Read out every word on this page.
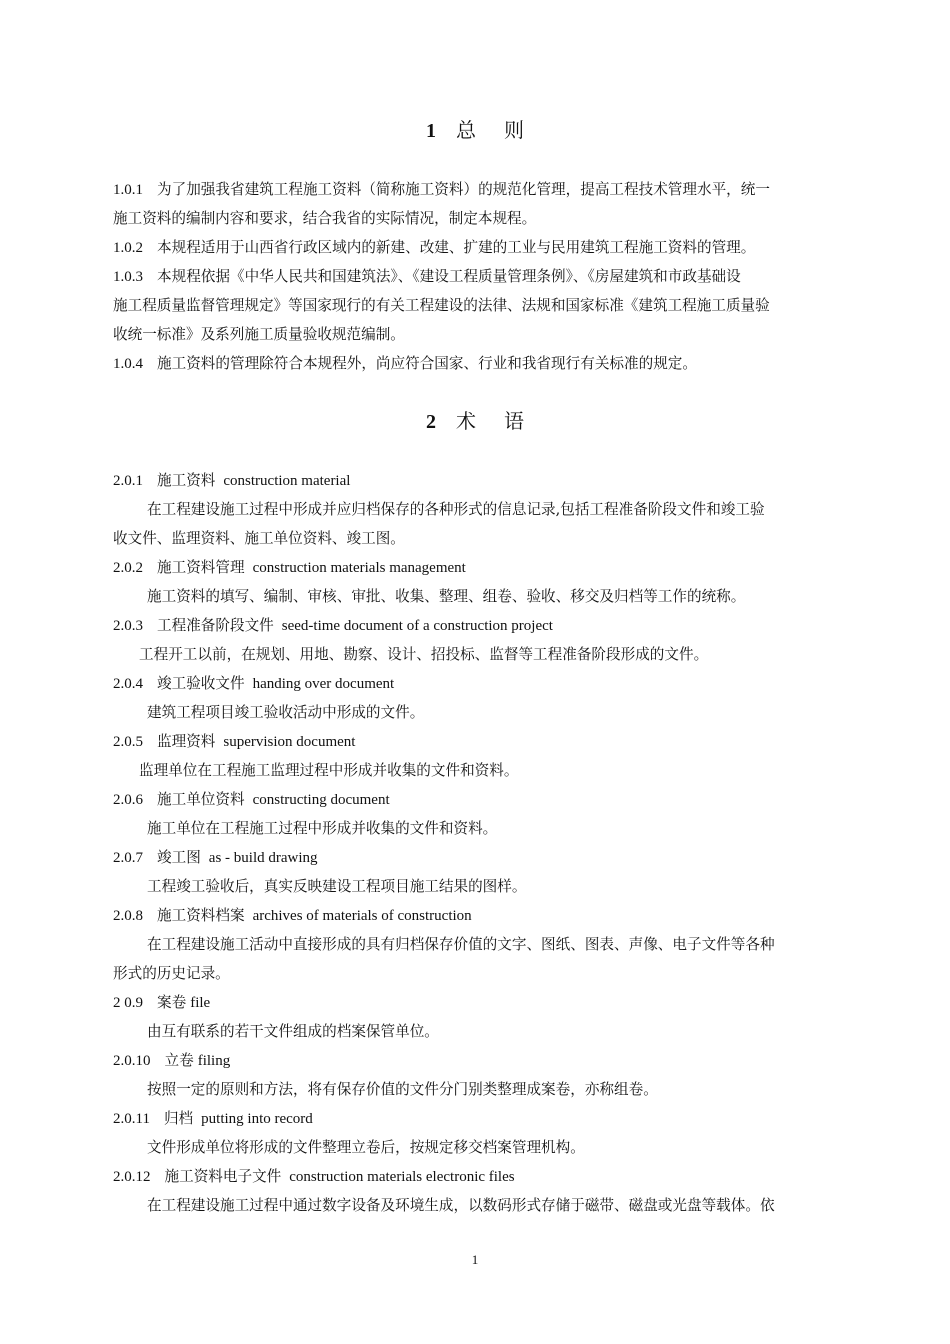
1 总 则
1.0.1 为了加强我省建筑工程施工资料（简称施工资料）的规范化管理，提高工程技术管理水平，统一
施工资料的编制内容和要求，结合我省的实际情况，制定本规程。
1.0.2 本规程适用于山西省行政区域内的新建、改建、扩建的工业与民用建筑工程施工资料的管理。
1.0.3 本规程依据《中华人民共和国建筑法》、《建设工程质量管理条例》、《房屋建筑和市政基础设
施工程质量监督管理规定》等国家现行的有关工程建设的法律、法规和国家标准《建筑工程施工质量验
收统一标准》及系列施工质量验收规范编制。
1.0.4 施工资料的管理除符合本规程外，尚应符合国家、行业和我省现行有关标准的规定。
2 术 语
2.0.1 施工资料 construction material
在工程建设施工过程中形成并应归档保存的各种形式的信息记录,包括工程准备阶段文件和竣工验
收文件、监理资料、施工单位资料、竣工图。
2.0.2 施工资料管理 construction materials management
施工资料的填写、编制、审核、审批、收集、整理、组卷、验收、移交及归档等工作的统称。
2.0.3 工程准备阶段文件 seed-time document of a construction project
工程开工以前，在规划、用地、勘察、设计、招投标、监督等工程准备阶段形成的文件。
2.0.4 竣工验收文件 handing over document
建筑工程项目竣工验收活动中形成的文件。
2.0.5 监理资料 supervision document
监理单位在工程施工监理过程中形成并收集的文件和资料。
2.0.6 施工单位资料 constructing document
施工单位在工程施工过程中形成并收集的文件和资料。
2.0.7 竣工图 as - build drawing
工程竣工验收后，真实反映建设工程项目施工结果的图样。
2.0.8 施工资料档案 archives of materials of construction
在工程建设施工活动中直接形成的具有归档保存价值的文字、图纸、图表、声像、电子文件等各种
形式的历史记录。
2 0.9 案卷 file
由互有联系的若干文件组成的档案保管单位。
2.0.10 立卷 filing
按照一定的原则和方法，将有保存价值的文件分门别类整理成案卷，亦称组卷。
2.0.11 归档 putting into record
文件形成单位将形成的文件整理立卷后，按规定移交档案管理机构。
2.0.12 施工资料电子文件 construction materials electronic files
在工程建设施工过程中通过数字设备及环境生成，以数码形式存储于磁带、磁盘或光盘等载体。依
1
